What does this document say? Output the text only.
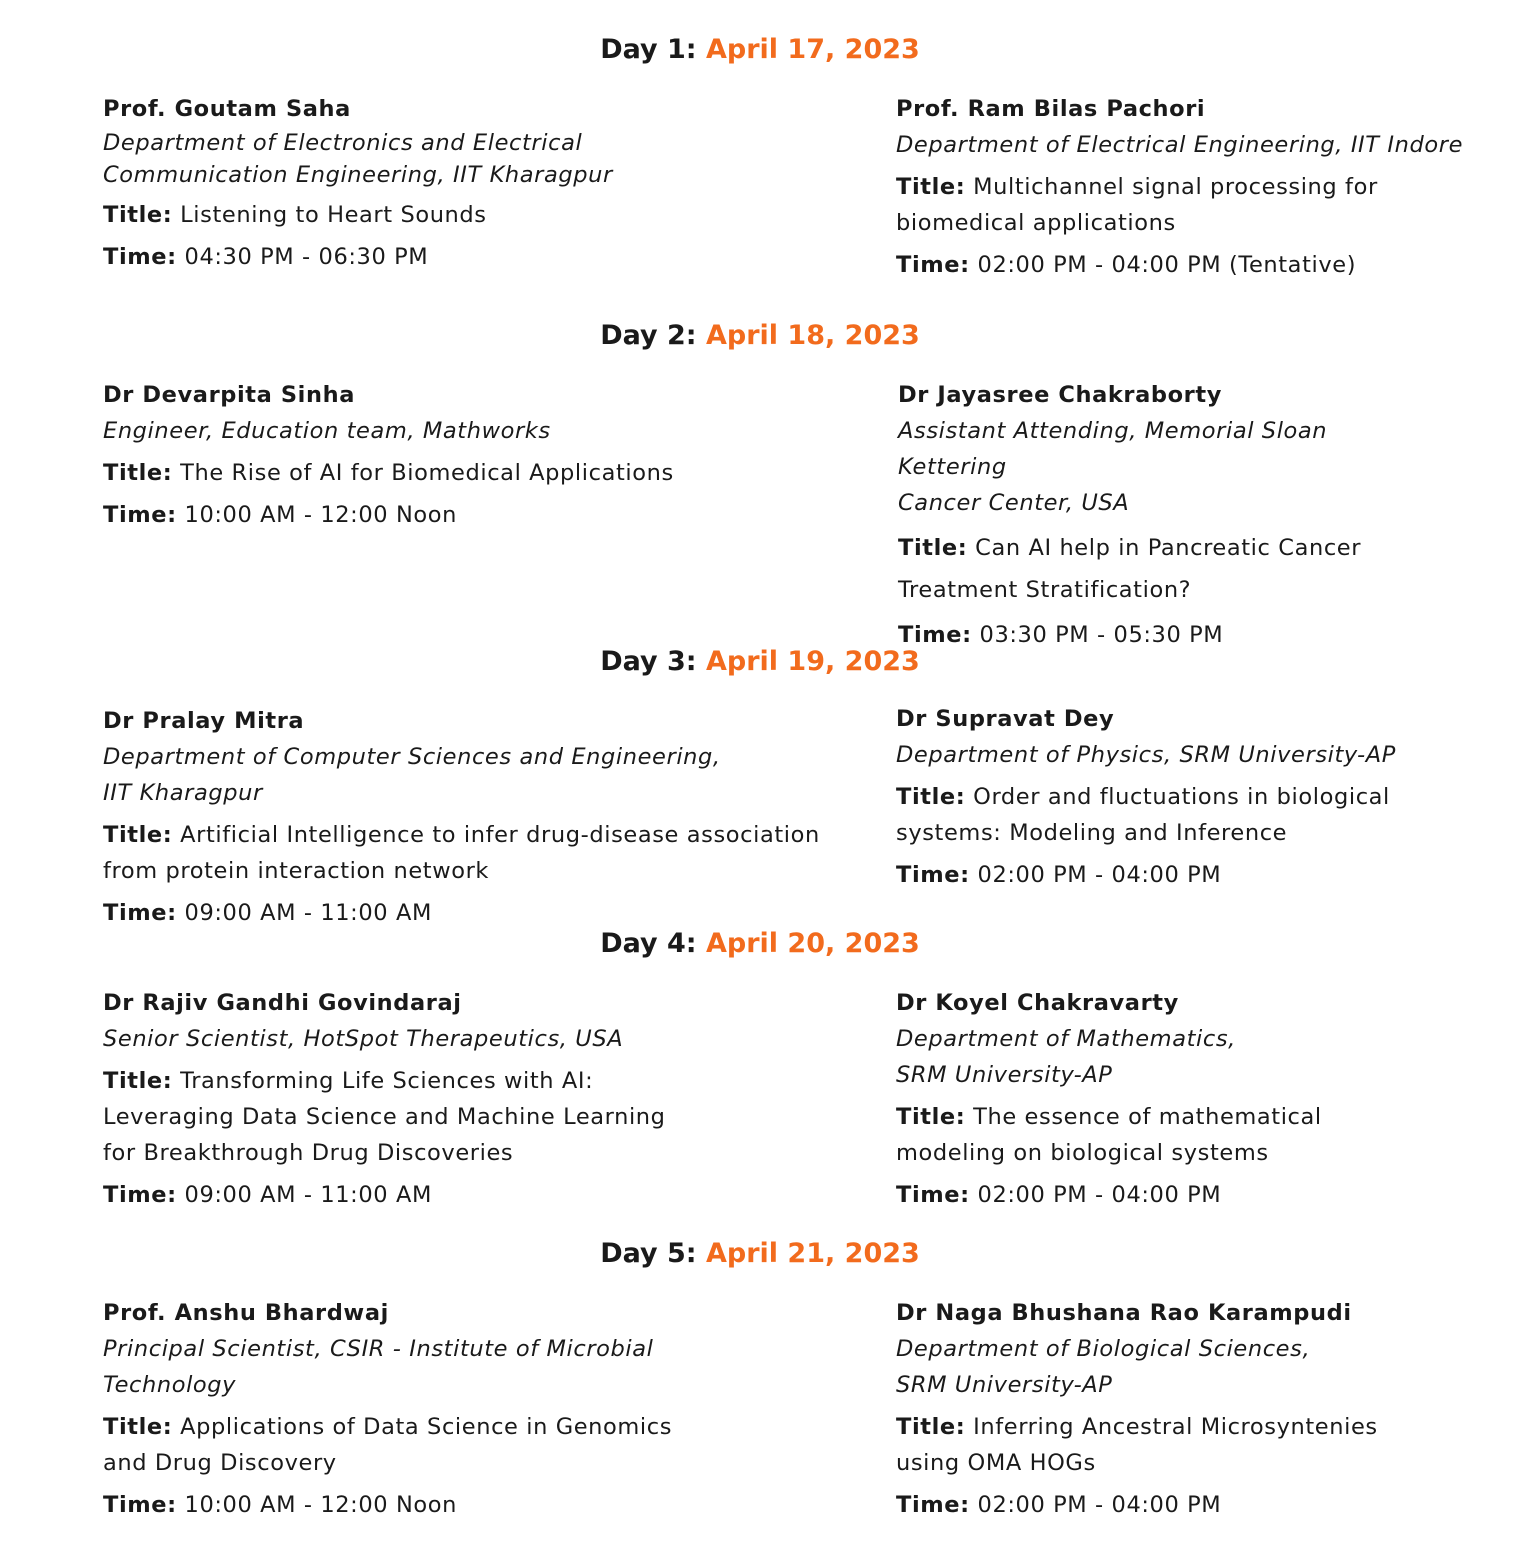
Day 1: April 17, 2023
Prof. Goutam Saha
Department of Electronics and Electrical
Communication Engineering, IIT Kharagpur
Title: Listening to Heart Sounds
Time: 04:30 PM - 06:30 PM
Prof. Ram Bilas Pachori
Department of Electrical Engineering, IIT Indore
Title: Multichannel signal processing for biomedical applications
Time: 02:00 PM - 04:00 PM (Tentative)
Day 2: April 18, 2023
Dr Devarpita Sinha
Engineer, Education team, Mathworks
Title: The Rise of AI for Biomedical Applications
Time: 10:00 AM - 12:00 Noon
Dr Jayasree Chakraborty
Assistant Attending, Memorial Sloan Kettering
Cancer Center, USA
Title: Can AI help in Pancreatic Cancer Treatment Stratification?
Time: 03:30 PM - 05:30 PM
Day 3: April 19, 2023
Dr Pralay Mitra
Department of Computer Sciences and Engineering,
IIT Kharagpur
Title: Artificial Intelligence to infer drug-disease association from protein interaction network
Time: 09:00 AM - 11:00 AM
Dr Supravat Dey
Department of Physics, SRM University-AP
Title: Order and fluctuations in biological systems: Modeling and Inference
Time: 02:00 PM - 04:00 PM
Day 4: April 20, 2023
Dr Rajiv Gandhi Govindaraj
Senior Scientist, HotSpot Therapeutics, USA
Title: Transforming Life Sciences with AI: Leveraging Data Science and Machine Learning for Breakthrough Drug Discoveries
Time: 09:00 AM - 11:00 AM
Dr Koyel Chakravarty
Department of Mathematics,
SRM University-AP
Title: The essence of mathematical modeling on biological systems
Time: 02:00 PM - 04:00 PM
Day 5: April 21, 2023
Prof. Anshu Bhardwaj
Principal Scientist, CSIR - Institute of Microbial
Technology
Title: Applications of Data Science in Genomics and Drug Discovery
Time: 10:00 AM - 12:00 Noon
Dr Naga Bhushana Rao Karampudi
Department of Biological Sciences,
SRM University-AP
Title: Inferring Ancestral Microsyntenies using OMA HOGs
Time: 02:00 PM - 04:00 PM
